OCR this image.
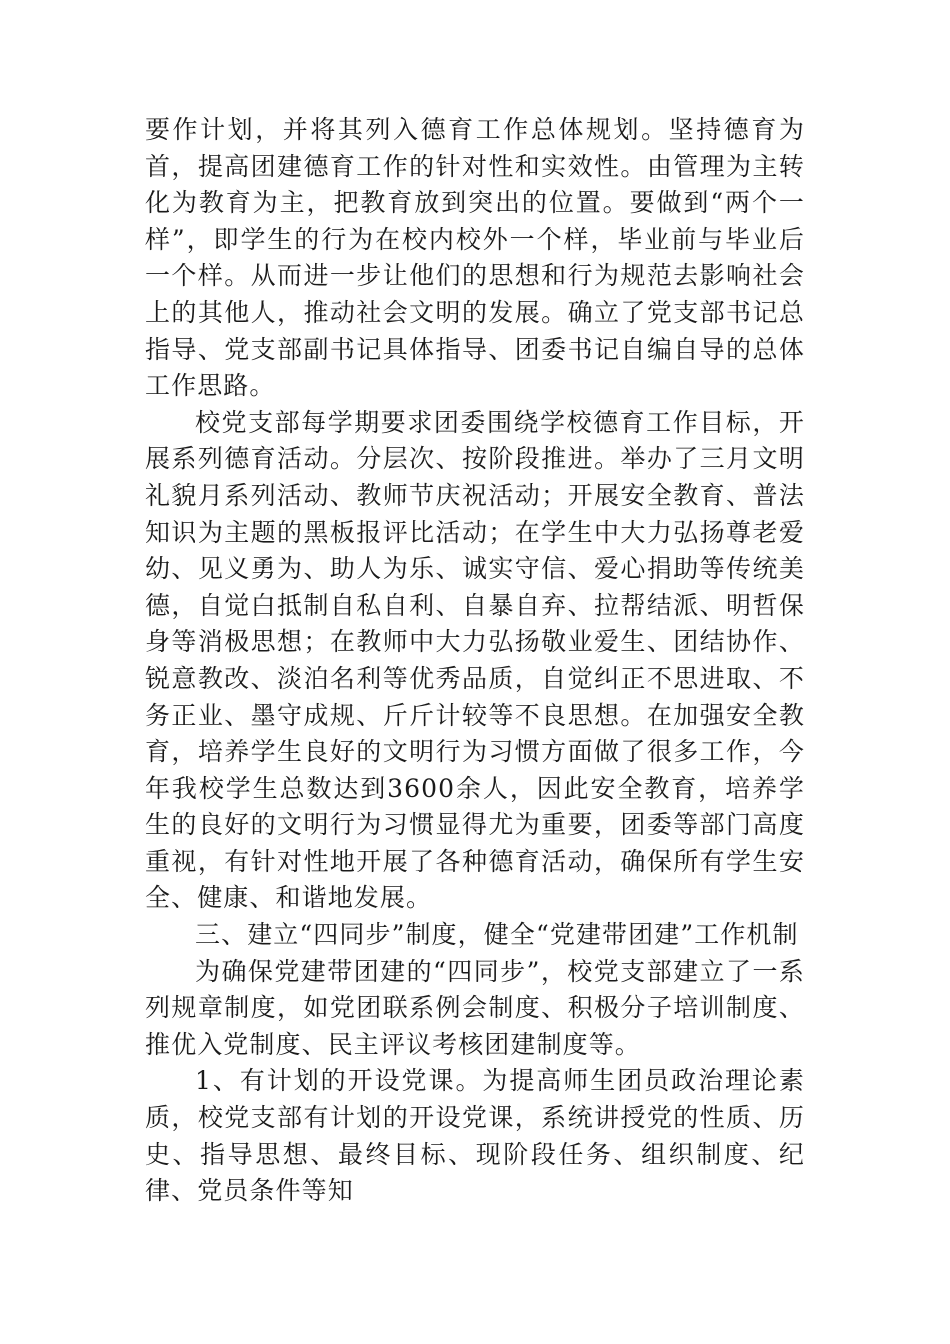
要作计划，并将其列入德育工作总体规划。坚持德育为首，提高团建德育工作的针对性和实效性。由管理为主转化为教育为主，把教育放到突出的位置。要做到“两个一样”，即学生的行为在校内校外一个样，毕业前与毕业后一个样。从而进一步让他们的思想和行为规范去影响社会上的其他人，推动社会文明的发展。确立了党支部书记总指导、党支部副书记具体指导、团委书记自编自导的总体工作思路。

校党支部每学期要求团委围绕学校德育工作目标，开展系列德育活动。分层次、按阶段推进。举办了三月文明礼貌月系列活动、教师节庆祝活动；开展安全教育、普法知识为主题的黑板报评比活动；在学生中大力弘扬尊老爱幼、见义勇为、助人为乐、诚实守信、爱心捐助等传统美德，自觉白抵制自私自利、自暴自弃、拉帮结派、明哲保身等消极思想；在教师中大力弘扬敬业爱生、团结协作、锐意教改、淡泊名利等优秀品质，自觉纠正不思进取、不务正业、墨守成规、斤斤计较等不良思想。在加强安全教育，培养学生良好的文明行为习惯方面做了很多工作，今年我校学生总数达到3600余人，因此安全教育，培养学生的良好的文明行为习惯显得尤为重要，团委等部门高度重视，有针对性地开展了各种德育活动，确保所有学生安全、健康、和谐地发展。

三、建立“四同步”制度，健全“党建带团建”工作机制

为确保党建带团建的“四同步”，校党支部建立了一系列规章制度，如党团联系例会制度、积极分子培训制度、推优入党制度、民主评议考核团建制度等。

1、有计划的开设党课。为提高师生团员政治理论素质，校党支部有计划的开设党课，系统讲授党的性质、历史、指导思想、最终目标、现阶段任务、组织制度、纪律、党员条件等知
